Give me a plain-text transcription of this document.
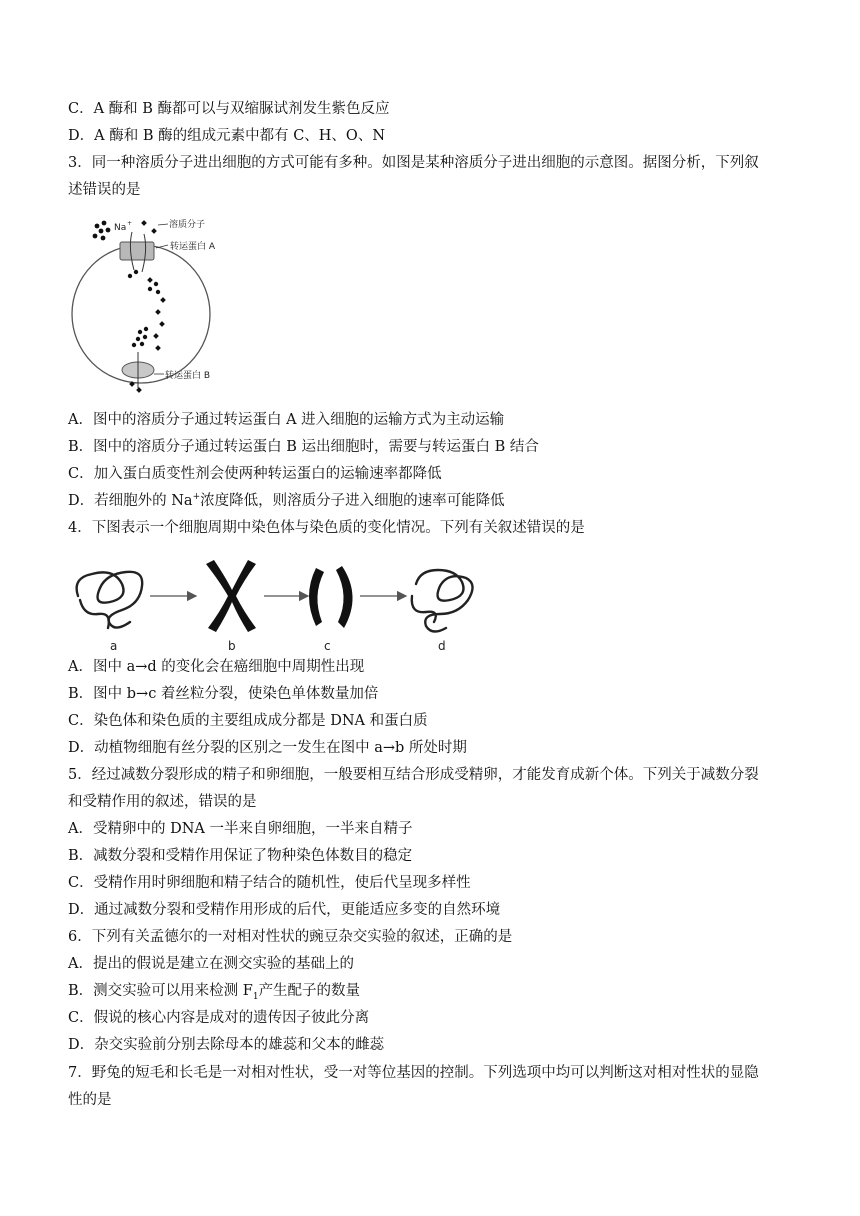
C．A 酶和 B 酶都可以与双缩脲试剂发生紫色反应
D．A 酶和 B 酶的组成元素中都有 C、H、O、N
3．同一种溶质分子进出细胞的方式可能有多种。如图是某种溶质分子进出细胞的示意图。据图分析，下列叙
述错误的是
Na +	溶质分子
转运蛋白 A
转运蛋白 B
A．图中的溶质分子通过转运蛋白 A 进入细胞的运输方式为主动运输
B．图中的溶质分子通过转运蛋白 B 运出细胞时，需要与转运蛋白 B 结合
C．加入蛋白质变性剂会使两种转运蛋白的运输速率都降低
D．若细胞外的 Na+浓度降低，则溶质分子进入细胞的速率可能降低
4．下图表示一个细胞周期中染色体与染色质的变化情况。下列有关叙述错误的是
a	b	c	d
A．图中 a→d 的变化会在癌细胞中周期性出现
B．图中 b→c 着丝粒分裂，使染色单体数量加倍
C．染色体和染色质的主要组成成分都是 DNA 和蛋白质
D．动植物细胞有丝分裂的区别之一发生在图中 a→b 所处时期
5．经过减数分裂形成的精子和卵细胞，一般要相互结合形成受精卵，才能发育成新个体。下列关于减数分裂
和受精作用的叙述，错误的是
A．受精卵中的 DNA 一半来自卵细胞，一半来自精子
B．减数分裂和受精作用保证了物种染色体数目的稳定
C．受精作用时卵细胞和精子结合的随机性，使后代呈现多样性
D．通过减数分裂和受精作用形成的后代，更能适应多变的自然环境
6．下列有关孟德尔的一对相对性状的豌豆杂交实验的叙述，正确的是
A．提出的假说是建立在测交实验的基础上的
B．测交实验可以用来检测 $F_1$产生配子的数量
C．假说的核心内容是成对的遗传因子彼此分离
D．杂交实验前分别去除母本的雄蕊和父本的雌蕊
7．野兔的短毛和长毛是一对相对性状，受一对等位基因的控制。下列选项中均可以判断这对相对性状的显隐
性的是
